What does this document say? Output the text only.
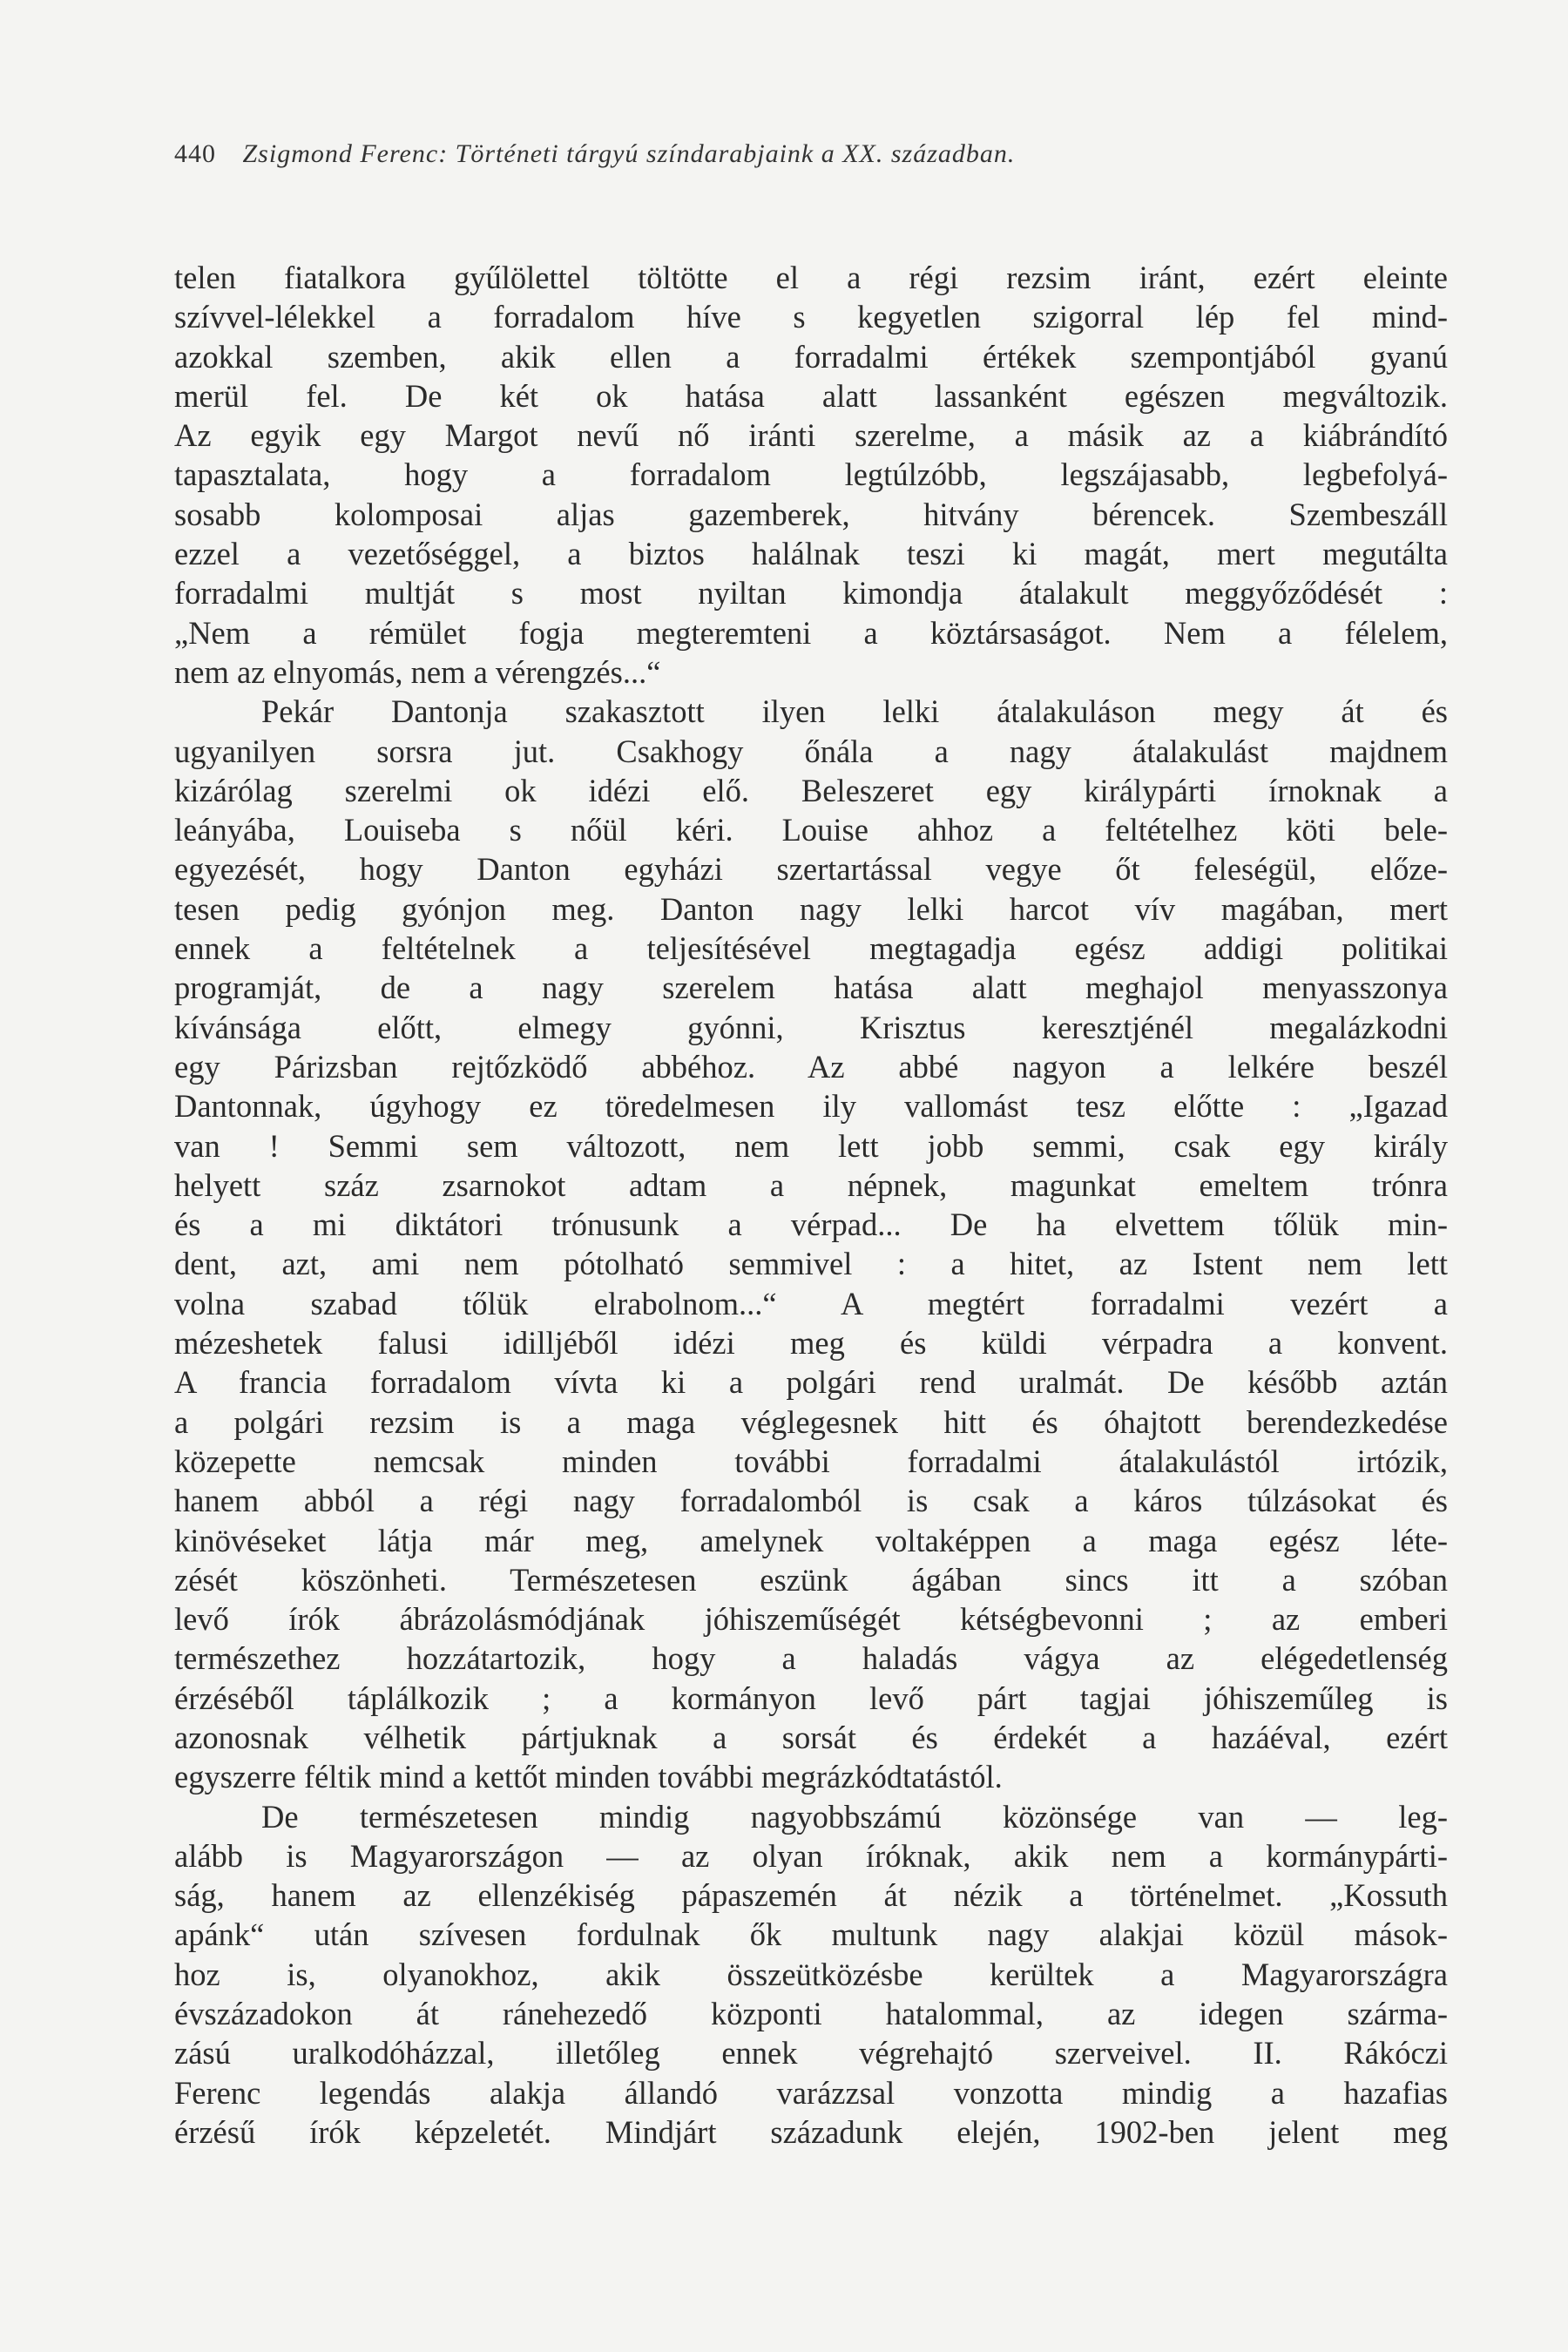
440 Zsigmond Ferenc: Történeti tárgyú színdarabjaink a XX. században.
telen fiatalkora gyűlölettel töltötte el a régi rezsim iránt, ezért eleinte
szívvel-lélekkel a forradalom híve s kegyetlen szigorral lép fel mind-
azokkal szemben, akik ellen a forradalmi értékek szempontjából gyanú
merül fel. De két ok hatása alatt lassanként egészen megváltozik.
Az egyik egy Margot nevű nő iránti szerelme, a másik az a kiábrándító
tapasztalata, hogy a forradalom legtúlzóbb, legszájasabb, legbefolyá-
sosabb kolomposai aljas gazemberek, hitvány bérencek. Szembeszáll
ezzel a vezetőséggel, a biztos halálnak teszi ki magát, mert megutálta
forradalmi multját s most nyiltan kimondja átalakult meggyőződését :
„Nem a rémület fogja megteremteni a köztársaságot. Nem a félelem,
nem az elnyomás, nem a vérengzés...“
Pekár Dantonja szakasztott ilyen lelki átalakuláson megy át és
ugyanilyen sorsra jut. Csakhogy őnála a nagy átalakulást majdnem
kizárólag szerelmi ok idézi elő. Beleszeret egy királypárti írnoknak a
leányába, Louiseba s nőül kéri. Louise ahhoz a feltételhez köti bele-
egyezését, hogy Danton egyházi szertartással vegye őt feleségül, előze-
tesen pedig gyónjon meg. Danton nagy lelki harcot vív magában, mert
ennek a feltételnek a teljesítésével megtagadja egész addigi politikai
programját, de a nagy szerelem hatása alatt meghajol menyasszonya
kívánsága előtt, elmegy gyónni, Krisztus keresztjénél megalázkodni
egy Párizsban rejtőzködő abbéhoz. Az abbé nagyon a lelkére beszél
Dantonnak, úgyhogy ez töredelmesen ily vallomást tesz előtte : „Igazad
van ! Semmi sem változott, nem lett jobb semmi, csak egy király
helyett száz zsarnokot adtam a népnek, magunkat emeltem trónra
és a mi diktátori trónusunk a vérpad... De ha elvettem tőlük min-
dent, azt, ami nem pótolható semmivel : a hitet, az Istent nem lett
volna szabad tőlük elrabolnom...“ A megtért forradalmi vezért a
mézeshetek falusi idilljéből idézi meg és küldi vérpadra a konvent.
A francia forradalom vívta ki a polgári rend uralmát. De később aztán
a polgári rezsim is a maga véglegesnek hitt és óhajtott berendezkedése
közepette nemcsak minden további forradalmi átalakulástól irtózik,
hanem abból a régi nagy forradalomból is csak a káros túlzásokat és
kinövéseket látja már meg, amelynek voltaképpen a maga egész léte-
zését köszönheti. Természetesen eszünk ágában sincs itt a szóban
levő írók ábrázolásmódjának jóhiszeműségét kétségbevonni ; az emberi
természethez hozzátartozik, hogy a haladás vágya az elégedetlenség
érzéséből táplálkozik ; a kormányon levő párt tagjai jóhiszeműleg is
azonosnak vélhetik pártjuknak a sorsát és érdekét a hazáéval, ezért
egyszerre féltik mind a kettőt minden további megrázkódtatástól.
De természetesen mindig nagyobbszámú közönsége van — leg-
alább is Magyarországon — az olyan íróknak, akik nem a kormánypárti-
ság, hanem az ellenzékiség pápaszemén át nézik a történelmet. „Kossuth
apánk“ után szívesen fordulnak ők multunk nagy alakjai közül mások-
hoz is, olyanokhoz, akik összeütközésbe kerültek a Magyarországra
évszázadokon át ránehezedő központi hatalommal, az idegen szárma-
zású uralkodóházzal, illetőleg ennek végrehajtó szerveivel. II. Rákóczi
Ferenc legendás alakja állandó varázzsal vonzotta mindig a hazafias
érzésű írók képzeletét. Mindjárt századunk elején, 1902-ben jelent meg
